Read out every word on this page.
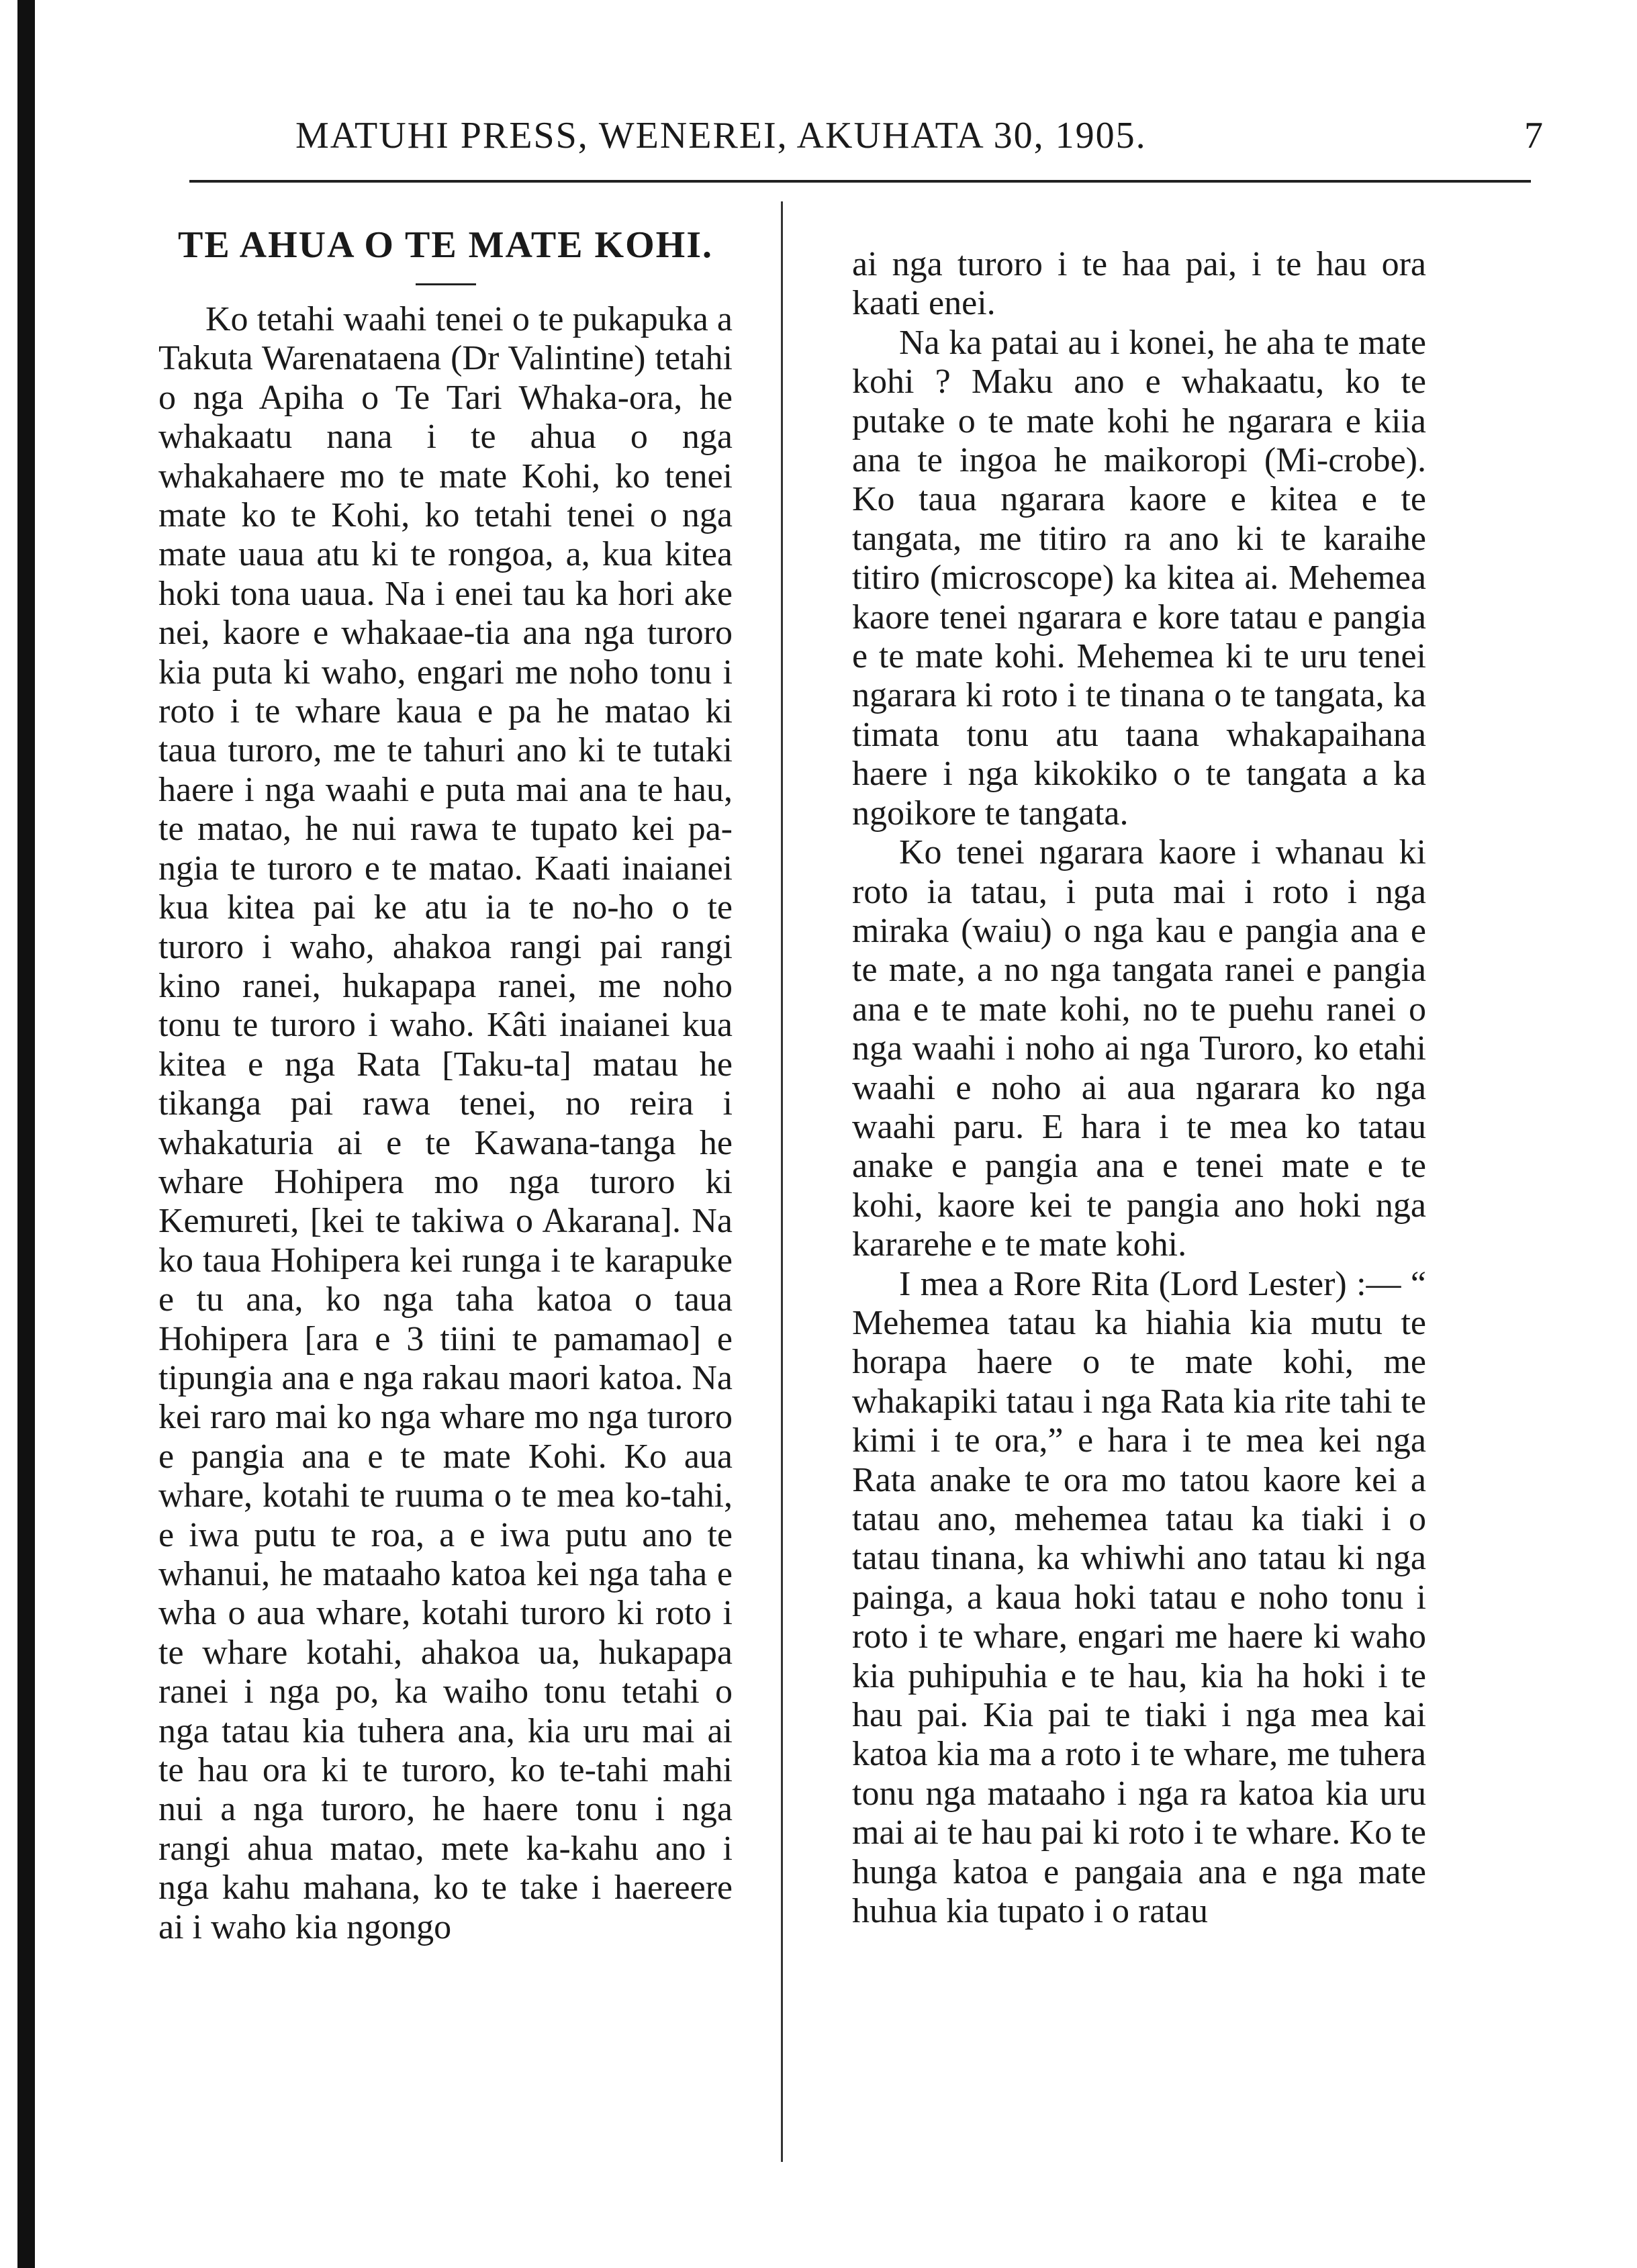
MATUHI PRESS, WENEREI, AKUHATA 30, 1905.	7
TE AHUA O TE MATE KOHI.

Ko tetahi waahi tenei o te pukapuka a Takuta Warenataena (Dr Valintine) tetahi o nga Apiha o Te Tari Whaka-ora, he whakaatu nana i te ahua o nga whakahaere mo te mate Kohi, ko tenei mate ko te Kohi, ko tetahi tenei o nga mate uaua atu ki te rongoa, a, kua kitea hoki tona uaua. Na i enei tau ka hori ake nei, kaore e whakaae-tia ana nga turoro kia puta ki waho, engari me noho tonu i roto i te whare kaua e pa he matao ki taua turoro, me te tahuri ano ki te tutaki haere i nga waahi e puta mai ana te hau, te matao, he nui rawa te tupato kei pa-ngia te turoro e te matao. Kaati inaianei kua kitea pai ke atu ia te no-ho o te turoro i waho, ahakoa rangi pai rangi kino ranei, hukapapa ranei, me noho tonu te turoro i waho. Kâti inaianei kua kitea e nga Rata [Taku-ta] matau he tikanga pai rawa tenei, no reira i whakaturia ai e te Kawana-tanga he whare Hohipera mo nga turoro ki Kemureti, [kei te takiwa o Akarana]. Na ko taua Hohipera kei runga i te karapuke e tu ana, ko nga taha katoa o taua Hohipera [ara e 3 tiini te pamamao] e tipungia ana e nga rakau maori katoa. Na kei raro mai ko nga whare mo nga turoro e pangia ana e te mate Kohi. Ko aua whare, kotahi te ruuma o te mea ko-tahi, e iwa putu te roa, a e iwa putu ano te whanui, he mataaho katoa kei nga taha e wha o aua whare, kotahi turoro ki roto i te whare kotahi, ahakoa ua, hukapapa ranei i nga po, ka waiho tonu tetahi o nga tatau kia tuhera ana, kia uru mai ai te hau ora ki te turoro, ko te-tahi mahi nui a nga turoro, he haere tonu i nga rangi ahua matao, mete ka-kahu ano i nga kahu mahana, ko te take i haereere ai i waho kia ngongo

ai nga turoro i te haa pai, i te hau ora kaati enei.

Na ka patai au i konei, he aha te mate kohi ? Maku ano e whakaatu, ko te putake o te mate kohi he ngarara e kiia ana te ingoa he maikoropi (Mi-crobe). Ko taua ngarara kaore e kitea e te tangata, me titiro ra ano ki te karaihe titiro (microscope) ka kitea ai. Mehemea kaore tenei ngarara e kore tatau e pangia e te mate kohi. Mehemea ki te uru tenei ngarara ki roto i te tinana o te tangata, ka timata tonu atu taana whakapaihana haere i nga kikokiko o te tangata a ka ngoikore te tangata.

Ko tenei ngarara kaore i whanau ki roto ia tatau, i puta mai i roto i nga miraka (waiu) o nga kau e pangia ana e te mate, a no nga tangata ranei e pangia ana e te mate kohi, no te puehu ranei o nga waahi i noho ai nga Turoro, ko etahi waahi e noho ai aua ngarara ko nga waahi paru. E hara i te mea ko tatau anake e pangia ana e tenei mate e te kohi, kaore kei te pangia ano hoki nga kararehe e te mate kohi.

I mea a Rore Rita (Lord Lester) :— “ Mehemea tatau ka hiahia kia mutu te horapa haere o te mate kohi, me whakapiki tatau i nga Rata kia rite tahi te kimi i te ora,” e hara i te mea kei nga Rata anake te ora mo tatou kaore kei a tatau ano, mehemea tatau ka tiaki i o tatau tinana, ka whiwhi ano tatau ki nga painga, a kaua hoki tatau e noho tonu i roto i te whare, engari me haere ki waho kia puhipuhia e te hau, kia ha hoki i te hau pai. Kia pai te tiaki i nga mea kai katoa kia ma a roto i te whare, me tuhera tonu nga mataaho i nga ra katoa kia uru mai ai te hau pai ki roto i te whare. Ko te hunga katoa e pangaia ana e nga mate huhua kia tupato i o ratau
